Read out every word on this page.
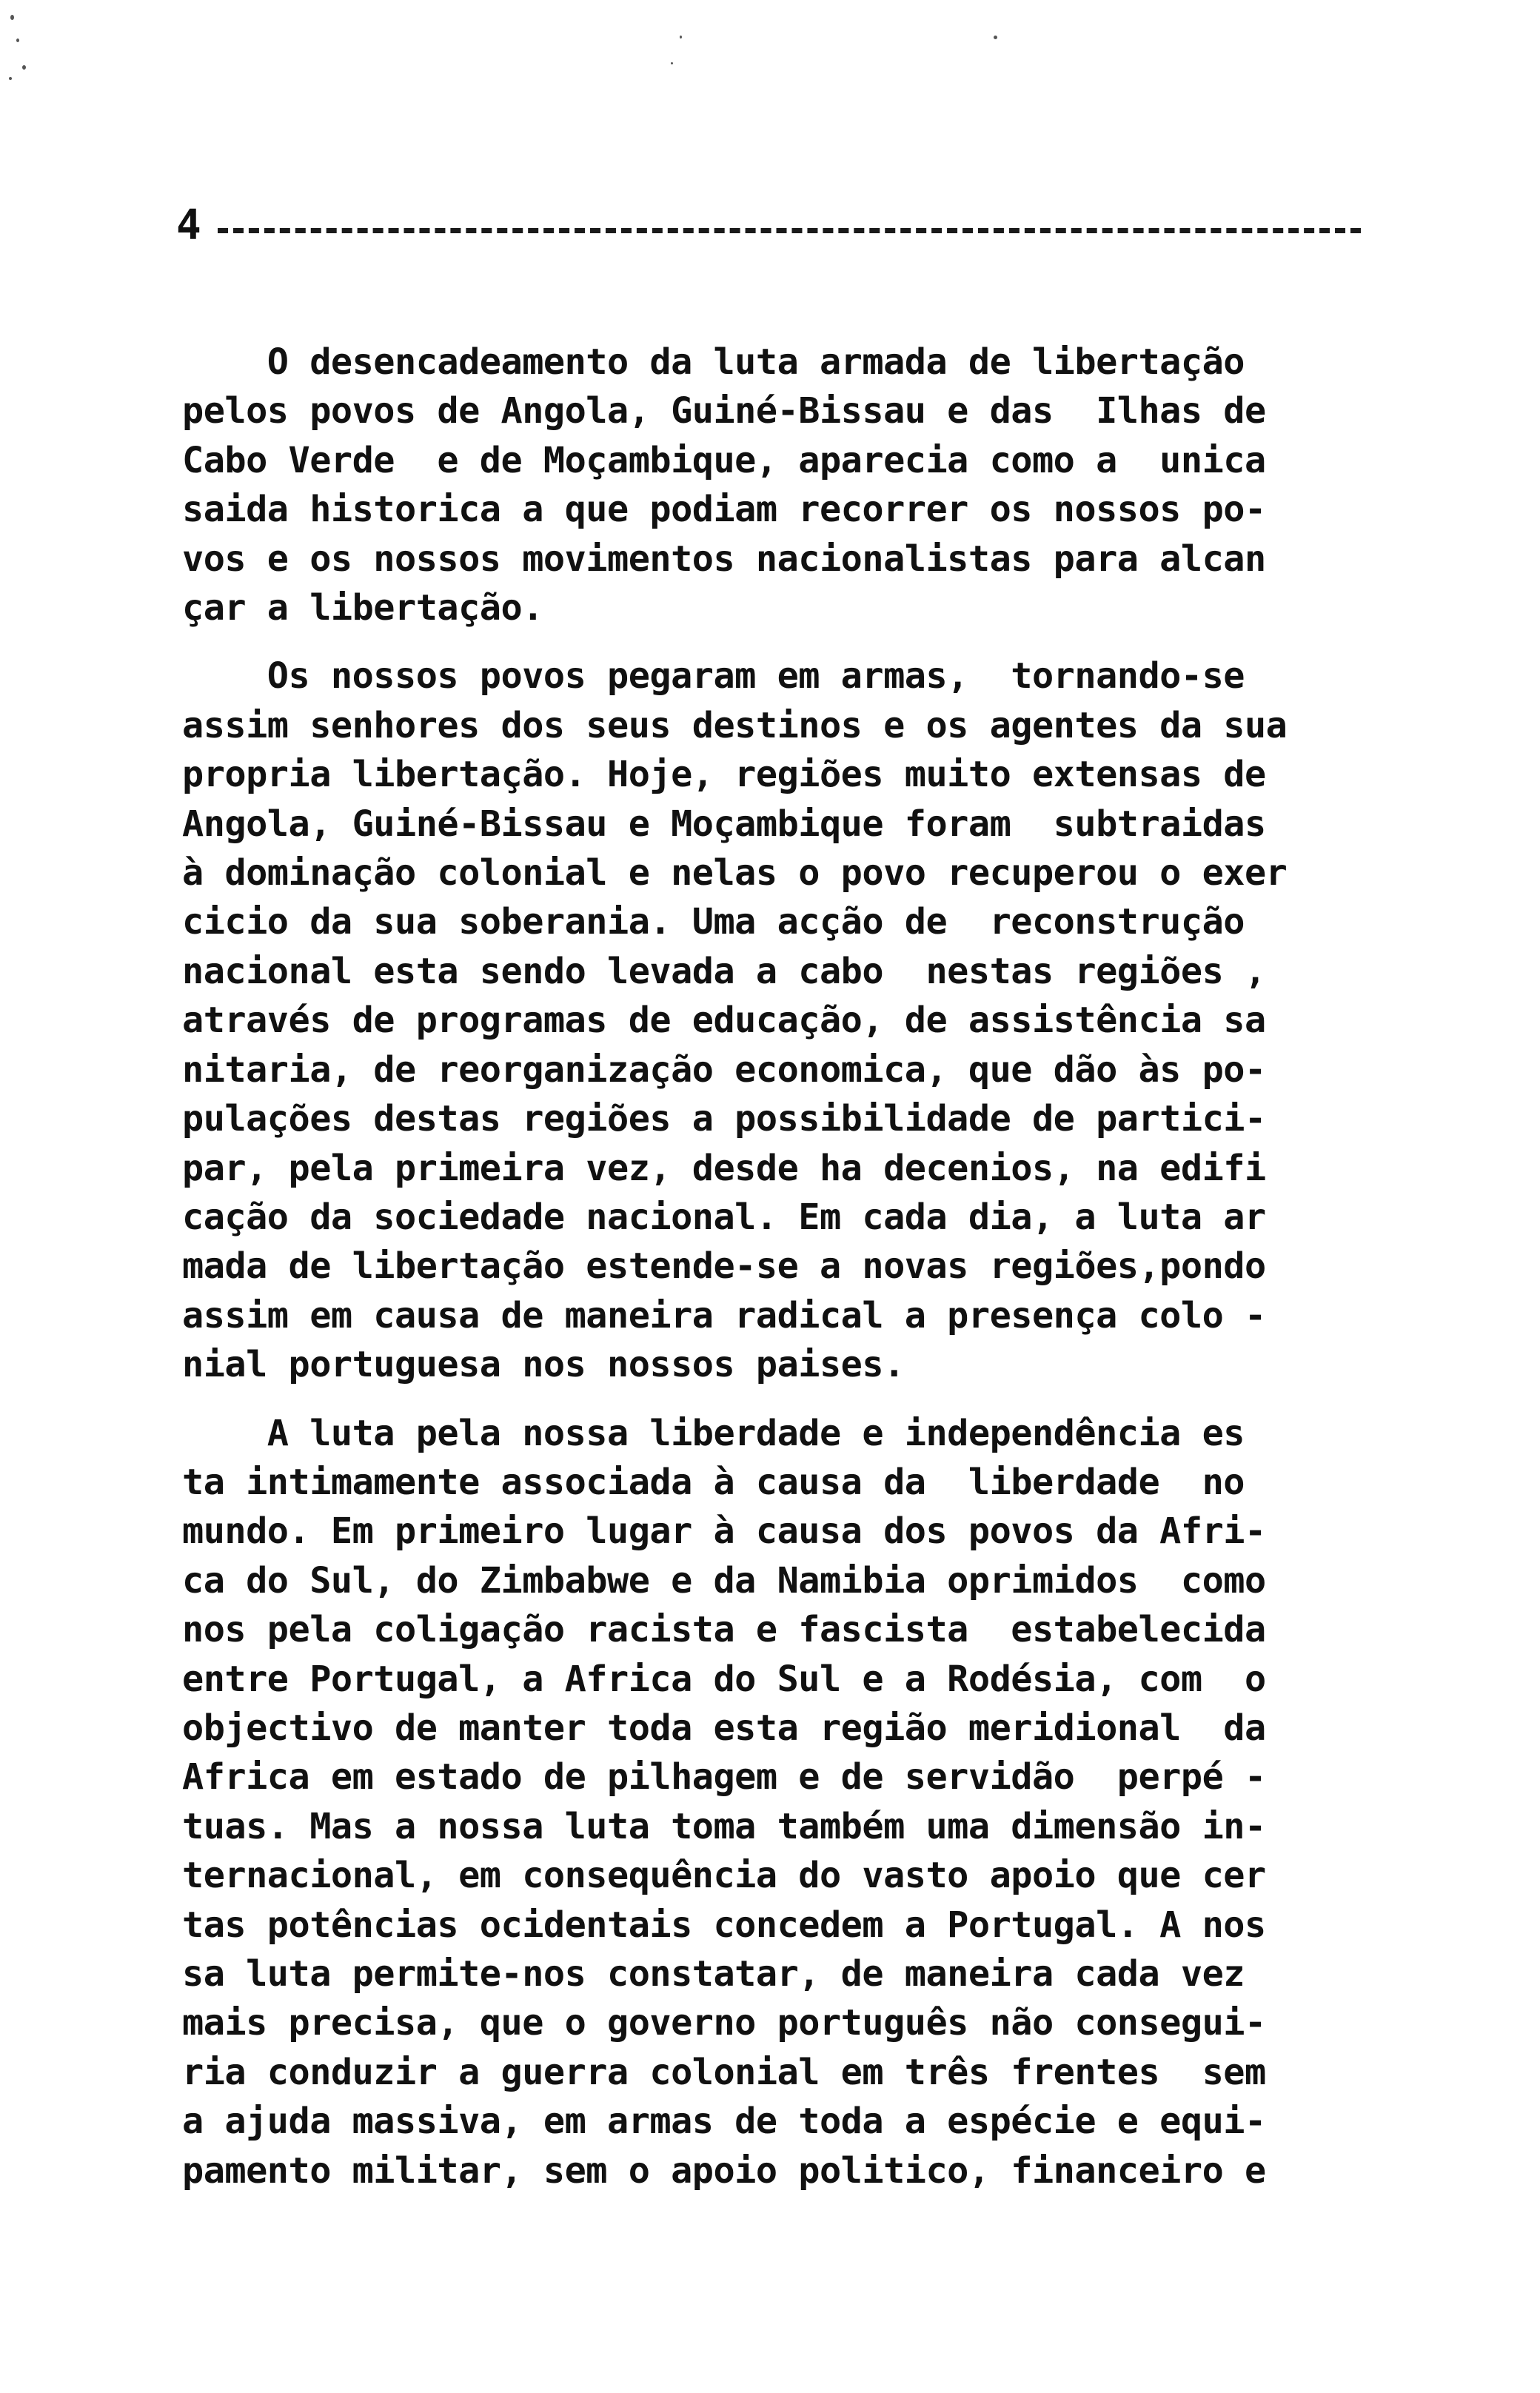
4
O desencadeamento da luta armada de libertação
pelos povos de Angola, Guiné-Bissau e das  Ilhas de
Cabo Verde  e de Moçambique, aparecia como a  unica
saida historica a que podiam recorrer os nossos po-
vos e os nossos movimentos nacionalistas para alcan
çar a libertação.
Os nossos povos pegaram em armas,  tornando-se
assim senhores dos seus destinos e os agentes da sua
propria libertação. Hoje, regiões muito extensas de
Angola, Guiné-Bissau e Moçambique foram  subtraidas
à dominação colonial e nelas o povo recuperou o exer
cicio da sua soberania. Uma acção de  reconstrução
nacional esta sendo levada a cabo  nestas regiões ,
através de programas de educação, de assistência sa
nitaria, de reorganização economica, que dão às po-
pulações destas regiões a possibilidade de partici-
par, pela primeira vez, desde ha decenios, na edifi
cação da sociedade nacional. Em cada dia, a luta ar
mada de libertação estende-se a novas regiões,pondo
assim em causa de maneira radical a presença colo -
nial portuguesa nos nossos paises.
A luta pela nossa liberdade e independência es
ta intimamente associada à causa da  liberdade  no
mundo. Em primeiro lugar à causa dos povos da Afri-
ca do Sul, do Zimbabwe e da Namibia oprimidos  como
nos pela coligação racista e fascista  estabelecida
entre Portugal, a Africa do Sul e a Rodésia, com  o
objectivo de manter toda esta região meridional  da
Africa em estado de pilhagem e de servidão  perpé -
tuas. Mas a nossa luta toma também uma dimensão in-
ternacional, em consequência do vasto apoio que cer
tas potências ocidentais concedem a Portugal. A nos
sa luta permite-nos constatar, de maneira cada vez
mais precisa, que o governo português não consegui-
ria conduzir a guerra colonial em três frentes  sem
a ajuda massiva, em armas de toda a espécie e equi-
pamento militar, sem o apoio politico, financeiro e
